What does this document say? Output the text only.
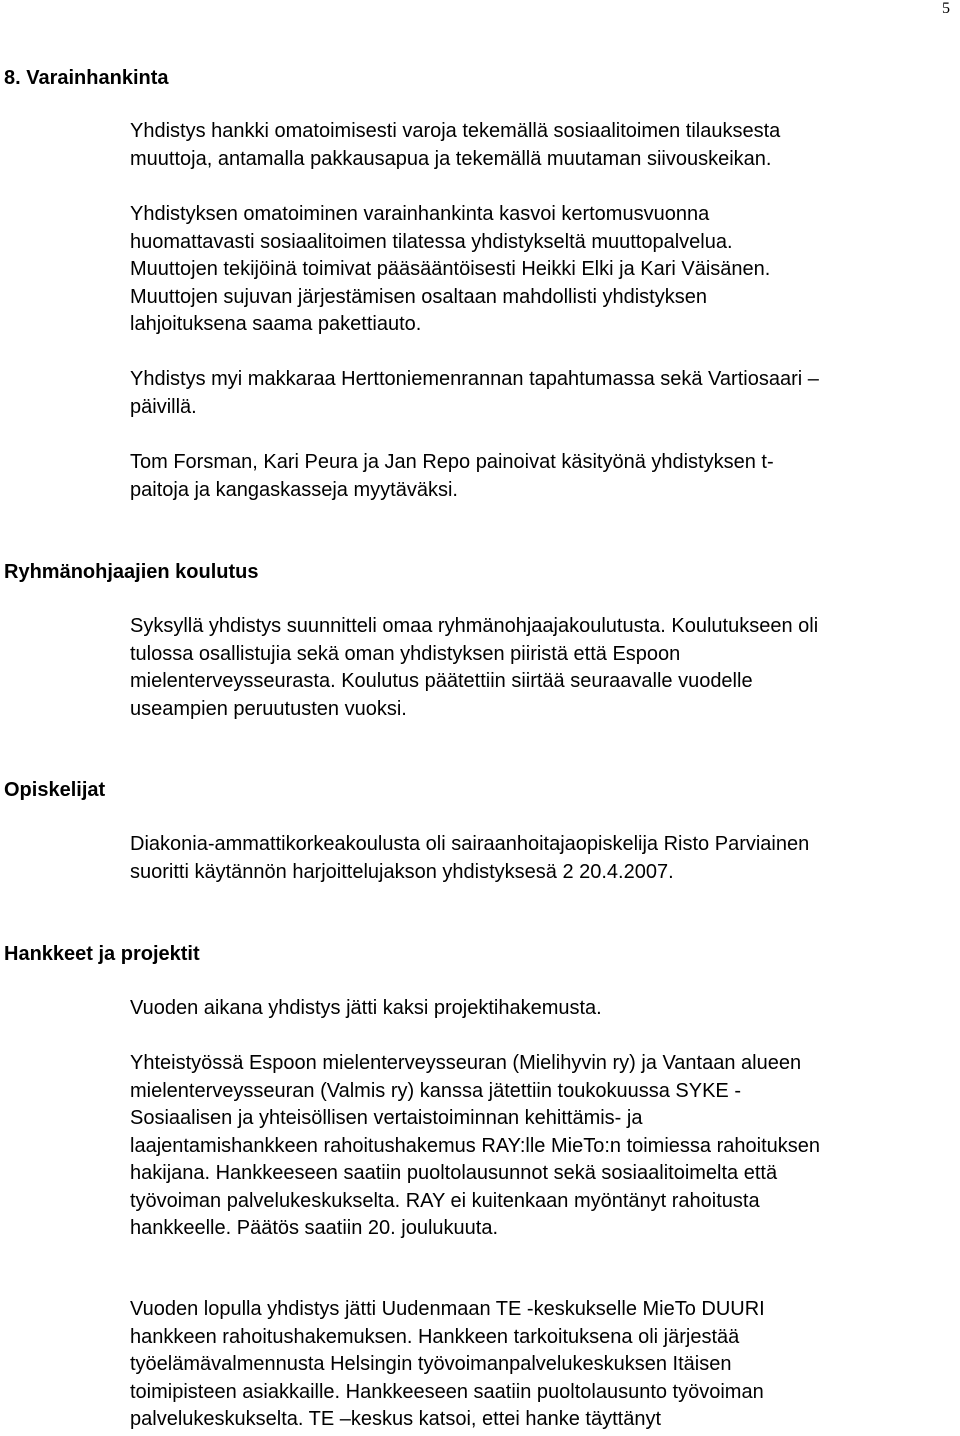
5
8. Varainhankinta

Yhdistys hankki omatoimisesti varoja tekemällä sosiaalitoimen tilauksesta
muuttoja, antamalla pakkausapua ja tekemällä muutaman siivouskeikan.

Yhdistyksen omatoiminen varainhankinta kasvoi kertomusvuonna
huomattavasti sosiaalitoimen tilatessa yhdistykseltä muuttopalvelua.
Muuttojen tekijöinä toimivat pääsääntöisesti Heikki Elki ja Kari Väisänen.
Muuttojen sujuvan järjestämisen osaltaan mahdollisti yhdistyksen
lahjoituksena saama pakettiauto.

Yhdistys myi makkaraa Herttoniemenrannan tapahtumassa sekä Vartiosaari –
päivillä.

Tom Forsman, Kari Peura ja Jan Repo painoivat käsityönä yhdistyksen t-
paitoja ja kangaskasseja myytäväksi.

Ryhmänohjaajien koulutus

Syksyllä yhdistys suunnitteli omaa ryhmänohjaajakoulutusta. Koulutukseen oli
tulossa osallistujia sekä oman yhdistyksen piiristä että Espoon
mielenterveysseurasta. Koulutus päätettiin siirtää seuraavalle vuodelle
useampien peruutusten vuoksi.

Opiskelijat

Diakonia-ammattikorkeakoulusta oli sairaanhoitajaopiskelija Risto Parviainen
suoritti käytännön harjoittelujakson yhdistyksesä 2 20.4.2007.

Hankkeet ja projektit

Vuoden aikana yhdistys jätti kaksi projektihakemusta.

Yhteistyössä Espoon mielenterveysseuran (Mielihyvin ry) ja Vantaan alueen
mielenterveysseuran (Valmis ry) kanssa jätettiin toukokuussa SYKE -
Sosiaalisen ja yhteisöllisen vertaistoiminnan kehittämis- ja
laajentamishankkeen rahoitushakemus RAY:lle MieTo:n toimiessa rahoituksen
hakijana. Hankkeeseen saatiin puoltolausunnot sekä sosiaalitoimelta että
työvoiman palvelukeskukselta. RAY ei kuitenkaan myöntänyt rahoitusta
hankkeelle. Päätös saatiin 20. joulukuuta.

Vuoden lopulla yhdistys jätti Uudenmaan TE -keskukselle MieTo DUURI
hankkeen rahoitushakemuksen. Hankkeen tarkoituksena oli järjestää
työelämävalmennusta Helsingin työvoimanpalvelukeskuksen Itäisen
toimipisteen asiakkaille. Hankkeeseen saatiin puoltolausunto työvoiman
palvelukeskukselta. TE –keskus katsoi, ettei hanke täyttänyt
